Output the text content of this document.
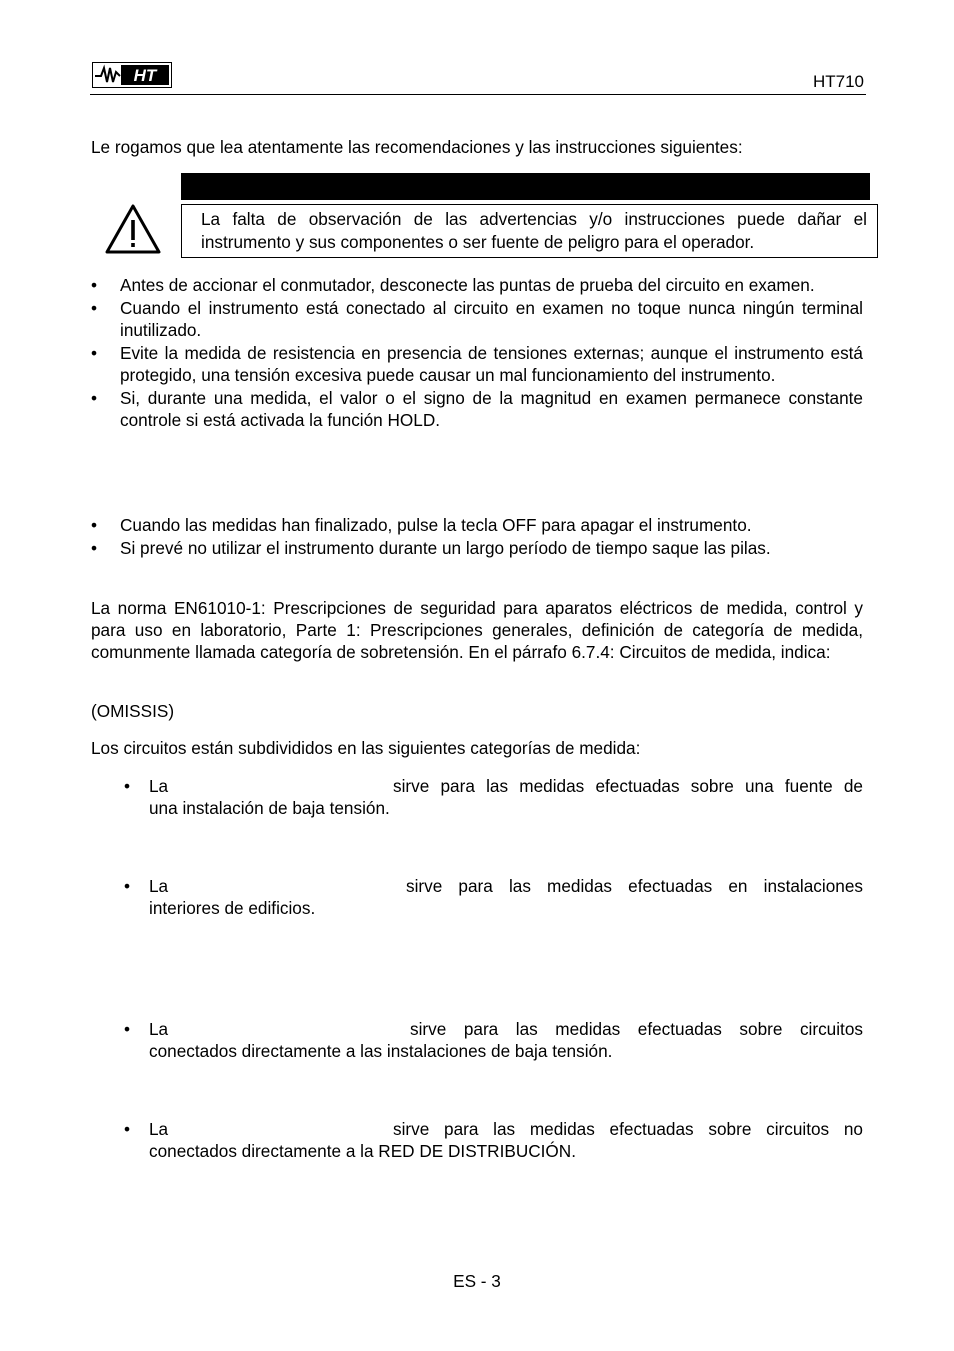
HT	HT710
Le rogamos que lea atentamente las recomendaciones y las instrucciones siguientes:
La falta de observación de las advertencias y/o instrucciones puede dañar el instrumento y sus componentes o ser fuente de peligro para el operador.
•	Antes de accionar el conmutador, desconecte las puntas de prueba del circuito en examen.
•	Cuando el instrumento está conectado al circuito en examen no toque nunca ningún terminal inutilizado.
•	Evite la medida de resistencia en presencia de tensiones externas; aunque el instrumento está protegido, una tensión excesiva puede causar un mal funcionamiento del instrumento.
•	Si, durante una medida, el valor o el signo de la magnitud en examen permanece constante controle si está activada la función HOLD.
•	Cuando las medidas han finalizado, pulse la tecla OFF para apagar el instrumento.
•	Si prevé no utilizar el instrumento durante un largo período de tiempo saque las pilas.
La norma EN61010-1: Prescripciones de seguridad para aparatos eléctricos de medida, control y para uso en laboratorio, Parte 1: Prescripciones generales, definición de categoría de medida, comunmente llamada categoría de sobretensión. En el párrafo 6.7.4: Circuitos de medida, indica:
(OMISSIS)
Los circuitos están subdivididos en las siguientes categorías de medida:
• La	sirve para las medidas efectuadas sobre una fuente de
una instalación de baja tensión.
• La	sirve para las medidas efectuadas en instalaciones
interiores de edificios.
• La	sirve para las medidas efectuadas sobre circuitos
conectados directamente a las instalaciones de baja tensión.
• La	sirve para las medidas efectuadas sobre circuitos no
conectados directamente a la RED DE DISTRIBUCIÓN.
ES - 3
